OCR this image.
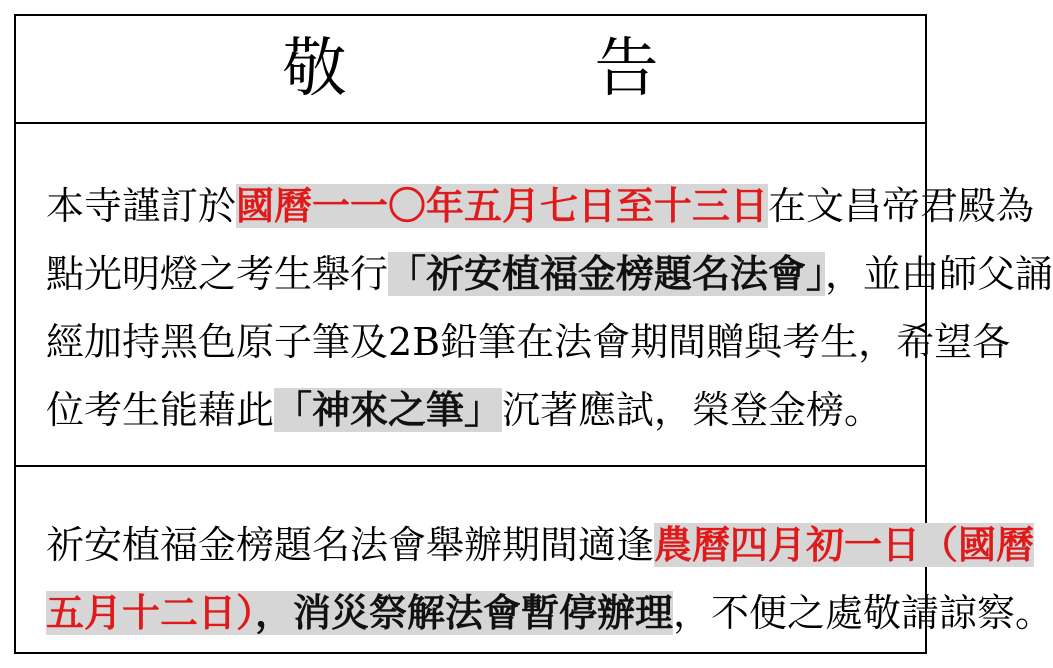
敬　告
本寺謹訂於國曆一一〇年五月七日至十三日在文昌帝君殿為
點光明燈之考生舉行「祈安植福金榜題名法會」，並由師父誦
經加持黑色原子筆及2B鉛筆在法會期間贈與考生，希望各
位考生能藉此「神來之筆」沉著應試，榮登金榜。
祈安植福金榜題名法會舉辦期間適逢農曆四月初一日（國曆
五月十二日），消災祭解法會暫停辦理，不便之處敬請諒察。
